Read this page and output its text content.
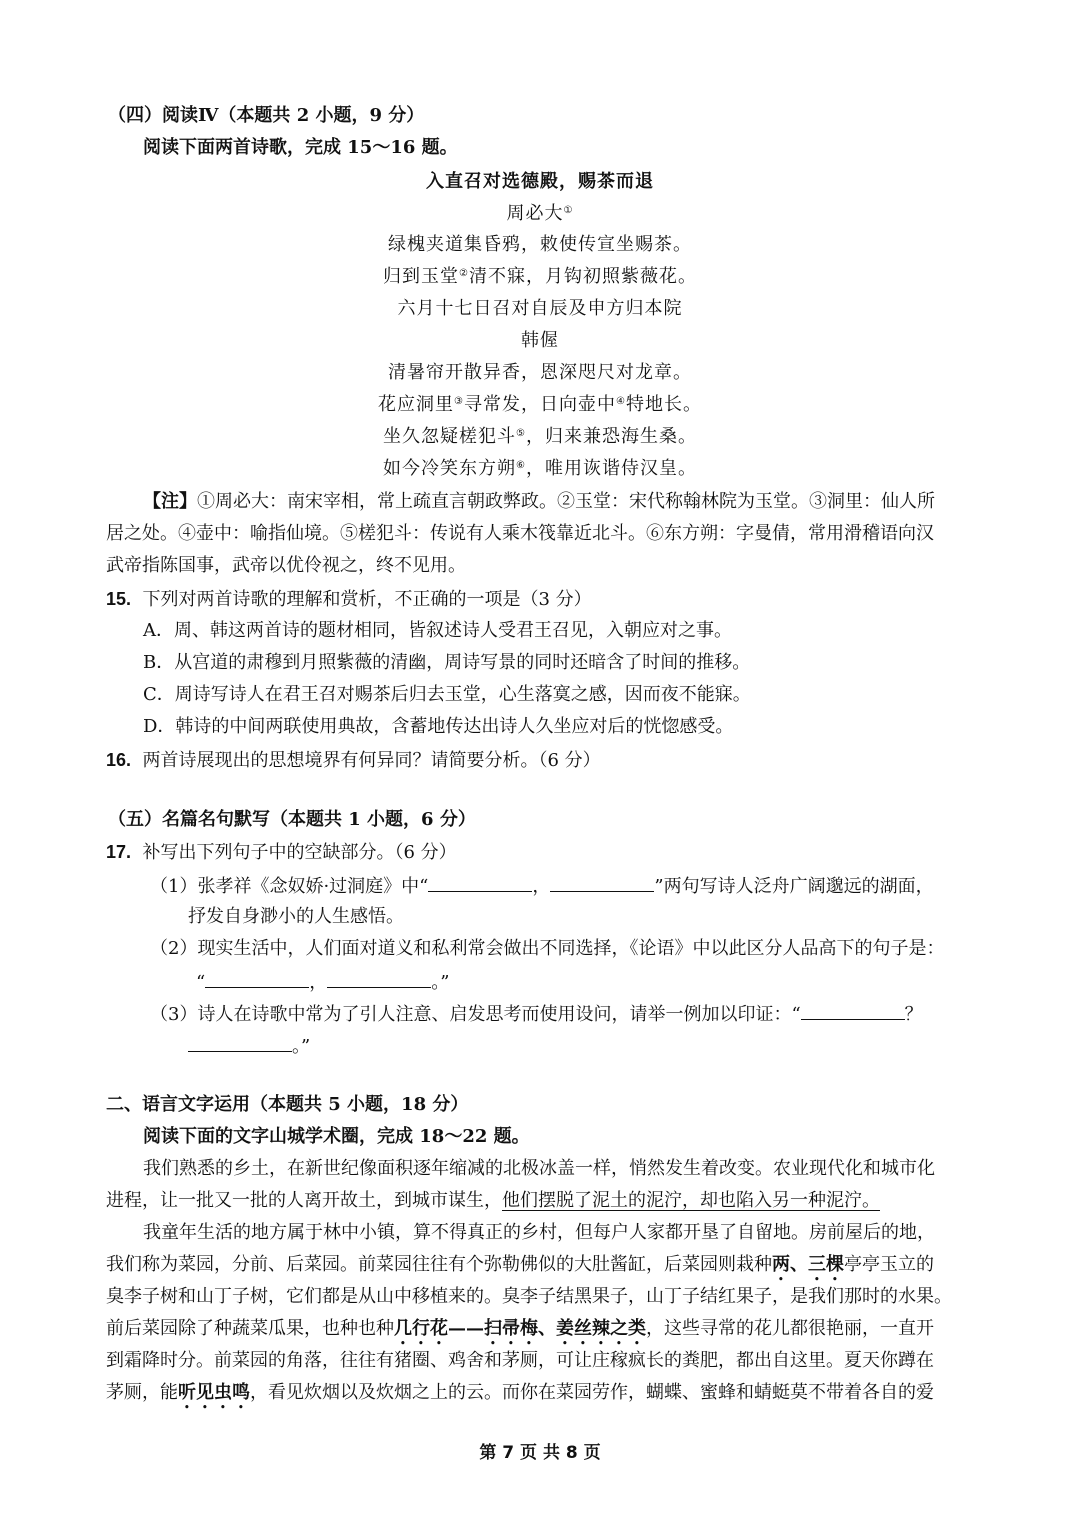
（四）阅读Ⅳ（本题共 2 小题，9 分）
阅读下面两首诗歌，完成 15～16 题。
入直召对选德殿，赐茶而退
周必大①
绿槐夹道集昏鸦，敕使传宣坐赐茶。
归到玉堂②清不寐，月钩初照紫薇花。
六月十七日召对自辰及申方归本院
韩偓
清暑帘开散异香，恩深咫尺对龙章。
花应洞里③寻常发，日向壶中④特地长。
坐久忽疑槎犯斗⑤，归来兼恐海生桑。
如今冷笑东方朔⑥，唯用诙谐侍汉皇。
【注】①周必大：南宋宰相，常上疏直言朝政弊政。②玉堂：宋代称翰林院为玉堂。③洞里：仙人所
居之处。④壶中：喻指仙境。⑤槎犯斗：传说有人乘木筏靠近北斗。⑥东方朔：字曼倩，常用滑稽语向汉
武帝指陈国事，武帝以优伶视之，终不见用。
15. 下列对两首诗歌的理解和赏析，不正确的一项是（3 分）
A．周、韩这两首诗的题材相同，皆叙述诗人受君王召见，入朝应对之事。
B．从宫道的肃穆到月照紫薇的清幽，周诗写景的同时还暗含了时间的推移。
C．周诗写诗人在君王召对赐茶后归去玉堂，心生落寞之感，因而夜不能寐。
D．韩诗的中间两联使用典故，含蓄地传达出诗人久坐应对后的恍惚感受。
16. 两首诗展现出的思想境界有何异同？请简要分析。（6 分）
（五）名篇名句默写（本题共 1 小题，6 分）
17. 补写出下列句子中的空缺部分。（6 分）
（1）张孝祥《念奴娇·过洞庭》中“	，	”两句写诗人泛舟广阔邈远的湖面，
抒发自身渺小的人生感悟。
（2）现实生活中，人们面对道义和私利常会做出不同选择，《论语》中以此区分人品高下的句子是：
“	，	。”
（3）诗人在诗歌中常为了引人注意、启发思考而使用设问，请举一例加以印证：“	？
。”
二、语言文字运用（本题共 5 小题，18 分）
阅读下面的文字山城学术圈，完成 18～22 题。
我们熟悉的乡土，在新世纪像面积逐年缩减的北极冰盖一样，悄然发生着改变。农业现代化和城市化
进程，让一批又一批的人离开故土，到城市谋生，他们摆脱了泥土的泥泞，却也陷入另一种泥泞。
我童年生活的地方属于林中小镇，算不得真正的乡村，但每户人家都开垦了自留地。房前屋后的地，
我们称为菜园，分前、后菜园。前菜园往往有个弥勒佛似的大肚酱缸，后菜园则栽种两、三棵亭亭玉立的
臭李子树和山丁子树，它们都是从山中移植来的。臭李子结黑果子，山丁子结红果子，是我们那时的水果。
前后菜园除了种蔬菜瓜果，也种也种几行花——扫帚梅、姜丝辣之类，这些寻常的花儿都很艳丽，一直开
到霜降时分。前菜园的角落，往往有猪圈、鸡舍和茅厕，可让庄稼疯长的粪肥，都出自这里。夏天你蹲在
茅厕，能听见虫鸣，看见炊烟以及炊烟之上的云。而你在菜园劳作，蝴蝶、蜜蜂和蜻蜓莫不带着各自的爱
第 7 页 共 8 页
